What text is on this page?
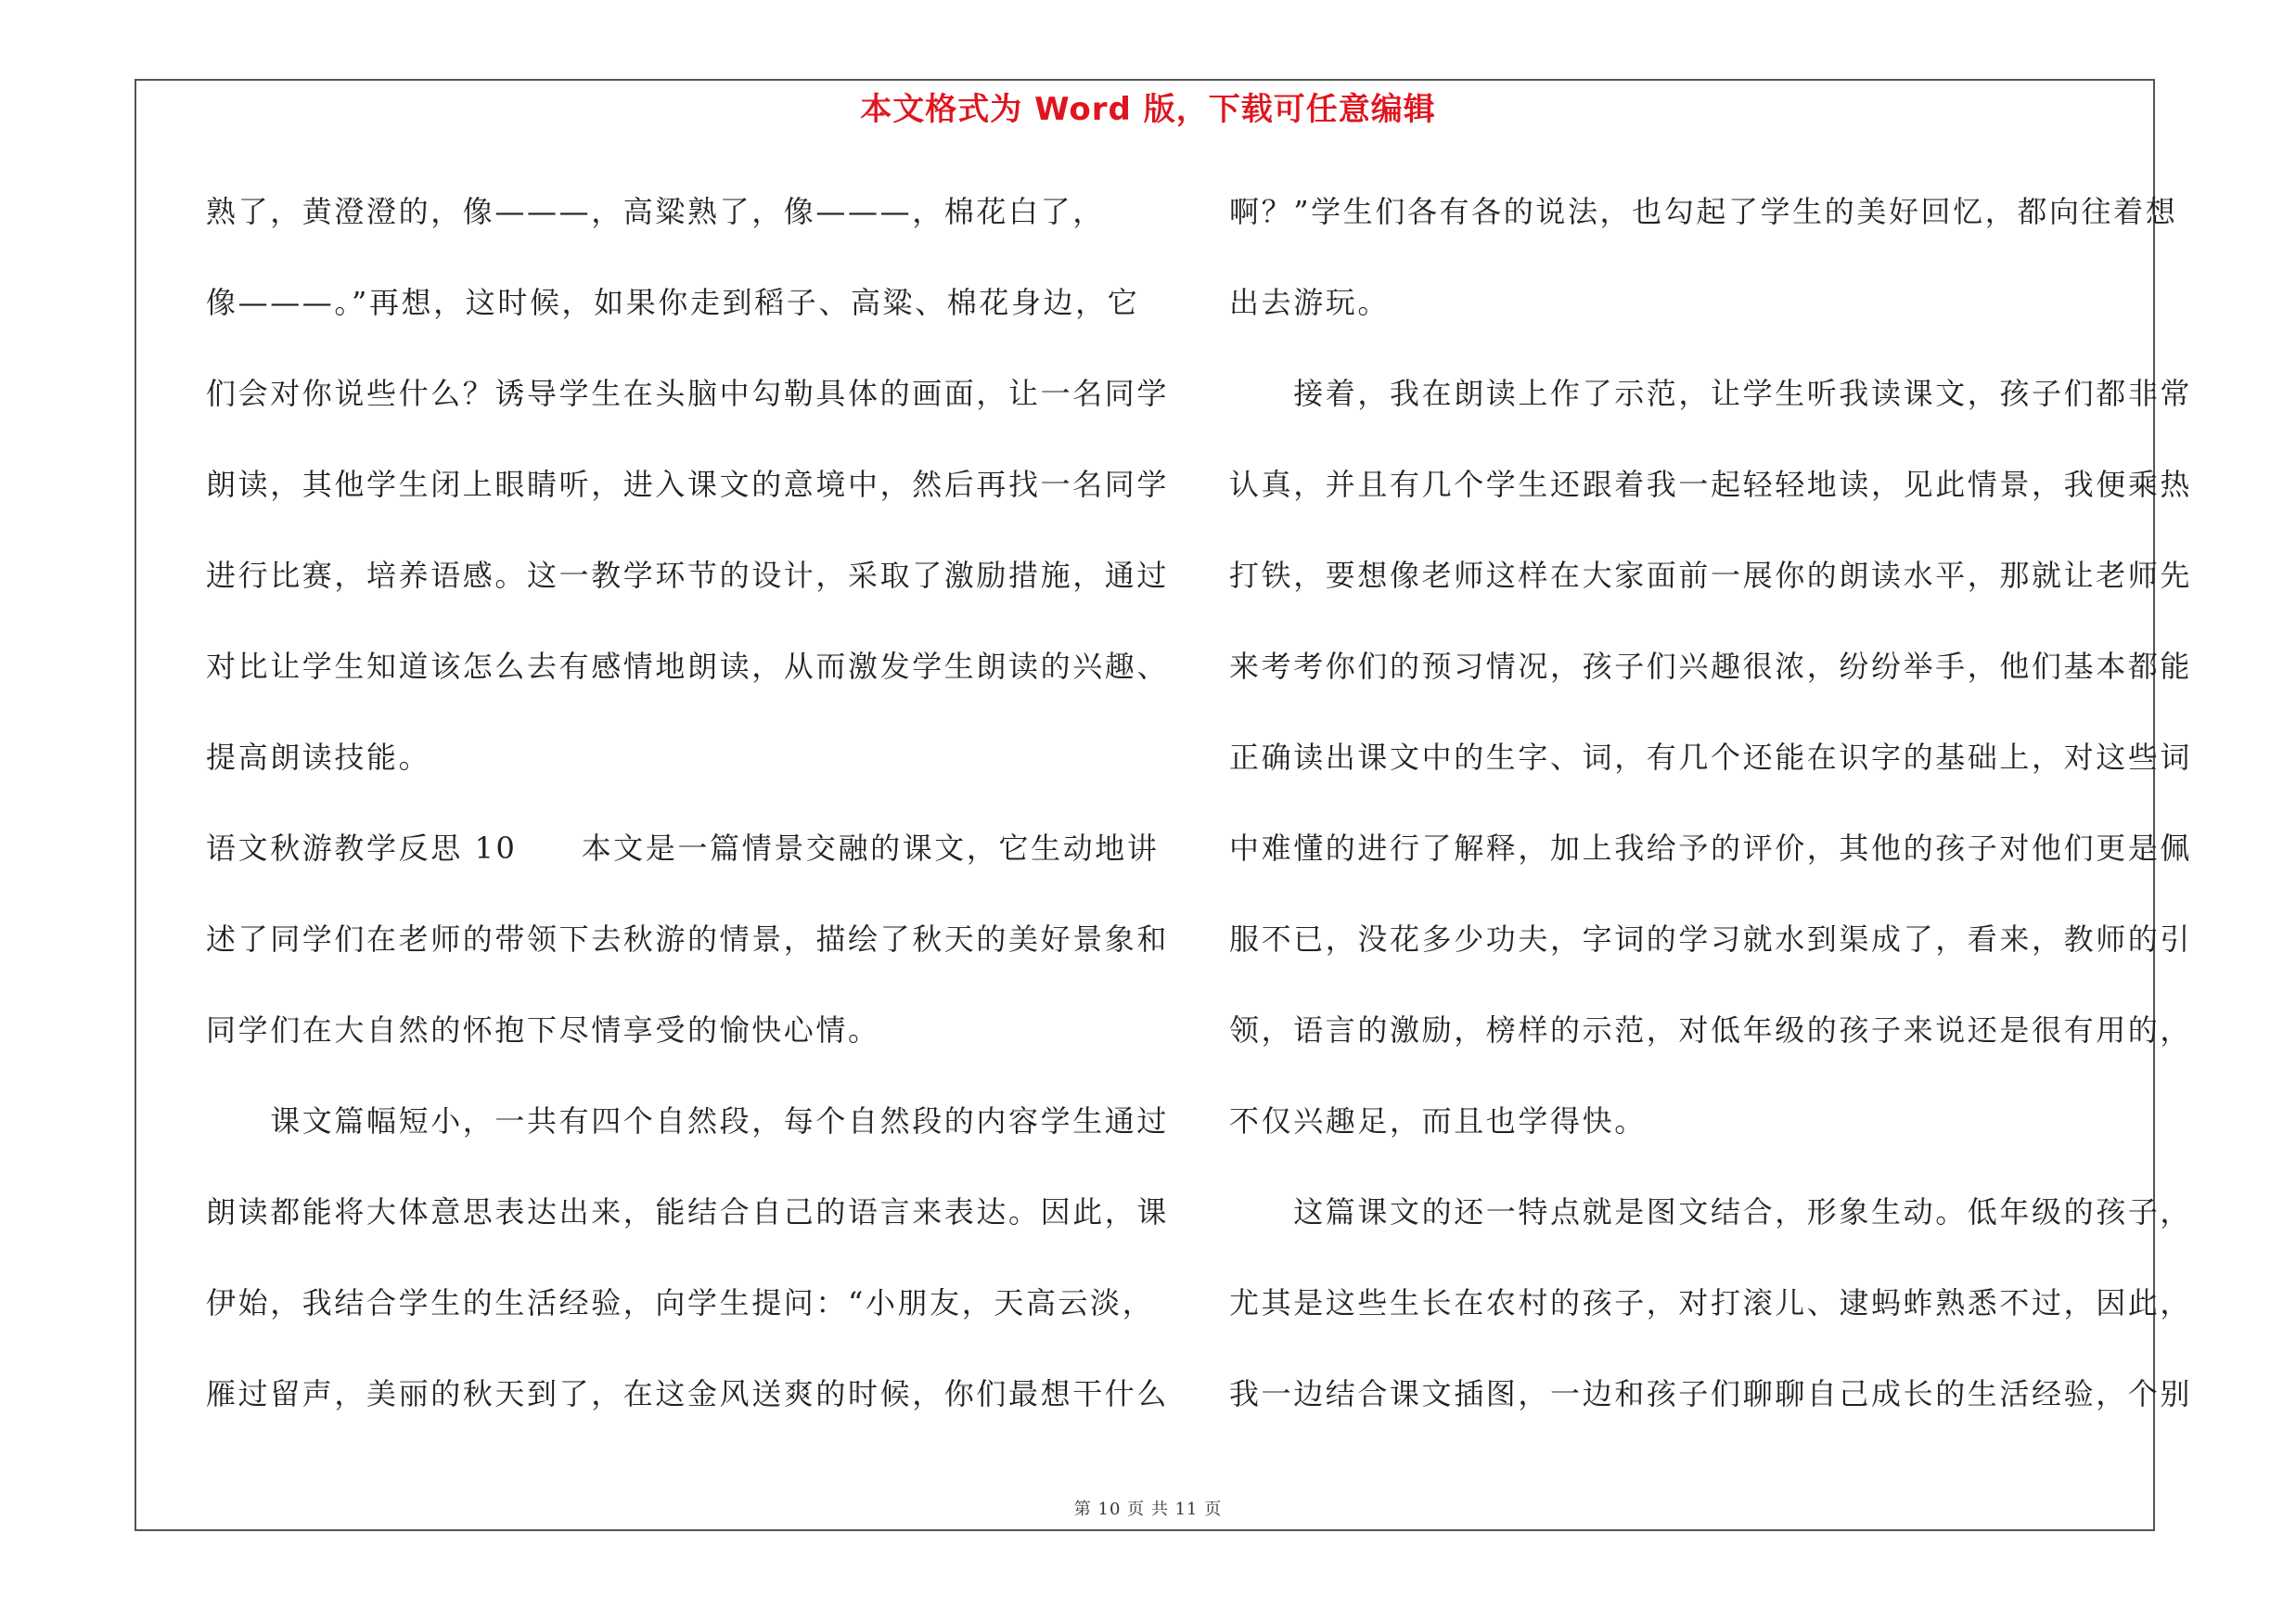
本文格式为 Word 版，下载可任意编辑
熟了，黄澄澄的，像———，高粱熟了，像———，棉花白了，
像———。”再想，这时候，如果你走到稻子、高粱、棉花身边，它
们会对你说些什么？诱导学生在头脑中勾勒具体的画面，让一名同学
朗读，其他学生闭上眼睛听，进入课文的意境中，然后再找一名同学
进行比赛，培养语感。这一教学环节的设计，采取了激励措施，通过
对比让学生知道该怎么去有感情地朗读，从而激发学生朗读的兴趣、
提高朗读技能。
语文秋游教学反思 10　　本文是一篇情景交融的课文，它生动地讲
述了同学们在老师的带领下去秋游的情景，描绘了秋天的美好景象和
同学们在大自然的怀抱下尽情享受的愉快心情。
　　课文篇幅短小，一共有四个自然段，每个自然段的内容学生通过
朗读都能将大体意思表达出来，能结合自己的语言来表达。因此，课
伊始，我结合学生的生活经验，向学生提问：“小朋友，天高云淡，
雁过留声，美丽的秋天到了，在这金风送爽的时候，你们最想干什么
啊？”学生们各有各的说法，也勾起了学生的美好回忆，都向往着想
出去游玩。
　　接着，我在朗读上作了示范，让学生听我读课文，孩子们都非常
认真，并且有几个学生还跟着我一起轻轻地读，见此情景，我便乘热
打铁，要想像老师这样在大家面前一展你的朗读水平，那就让老师先
来考考你们的预习情况，孩子们兴趣很浓，纷纷举手，他们基本都能
正确读出课文中的生字、词，有几个还能在识字的基础上，对这些词
中难懂的进行了解释，加上我给予的评价，其他的孩子对他们更是佩
服不已，没花多少功夫，字词的学习就水到渠成了，看来，教师的引
领，语言的激励，榜样的示范，对低年级的孩子来说还是很有用的，
不仅兴趣足，而且也学得快。
　　这篇课文的还一特点就是图文结合，形象生动。低年级的孩子，
尤其是这些生长在农村的孩子，对打滚儿、逮蚂蚱熟悉不过，因此，
我一边结合课文插图，一边和孩子们聊聊自己成长的生活经验，个别
第 10 页 共 11 页
